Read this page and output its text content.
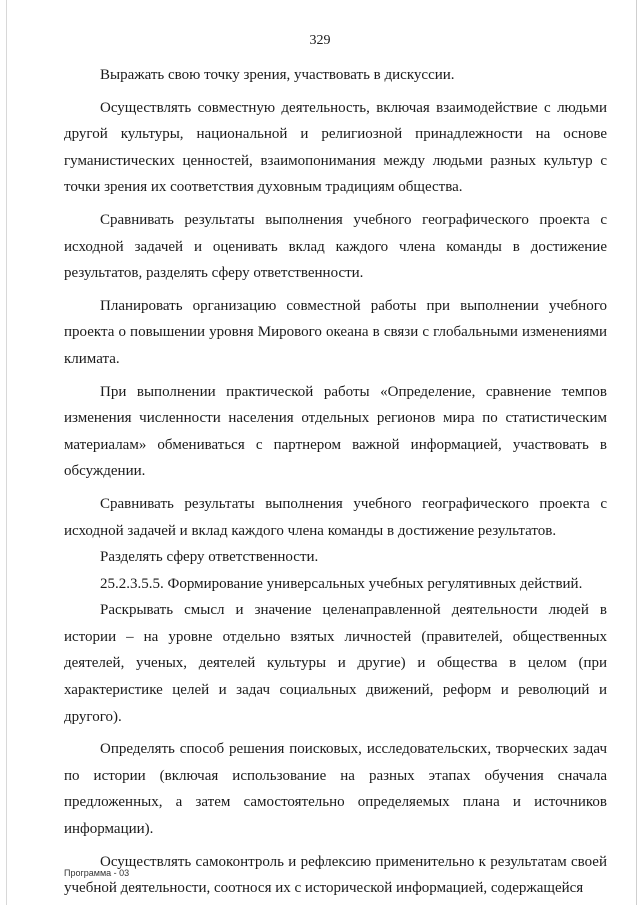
329

Выражать свою точку зрения, участвовать в дискуссии.

Осуществлять совместную деятельность, включая взаимодействие с людьми другой культуры, национальной и религиозной принадлежности на основе гуманистических ценностей, взаимопонимания между людьми разных культур с точки зрения их соответствия духовным традициям общества.

Сравнивать результаты выполнения учебного географического проекта с исходной задачей и оценивать вклад каждого члена команды в достижение результатов, разделять сферу ответственности.

Планировать организацию совместной работы при выполнении учебного проекта о повышении уровня Мирового океана в связи с глобальными изменениями климата.

При выполнении практической работы «Определение, сравнение темпов изменения численности населения отдельных регионов мира по статистическим материалам» обмениваться с партнером важной информацией, участвовать в обсуждении.

Сравнивать результаты выполнения учебного географического проекта с исходной задачей и вклад каждого члена команды в достижение результатов.

Разделять сферу ответственности.

25.2.3.5.5. Формирование универсальных учебных регулятивных действий.

Раскрывать смысл и значение целенаправленной деятельности людей в истории – на уровне отдельно взятых личностей (правителей, общественных деятелей, ученых, деятелей культуры и другие) и общества в целом (при характеристике целей и задач социальных движений, реформ и революций и другого).

Определять способ решения поисковых, исследовательских, творческих задач по истории (включая использование на разных этапах обучения сначала предложенных, а затем самостоятельно определяемых плана и источников информации).

Осуществлять самоконтроль и рефлексию применительно к результатам своей учебной деятельности, соотнося их с исторической информацией, содержащейся

Программа - 03
